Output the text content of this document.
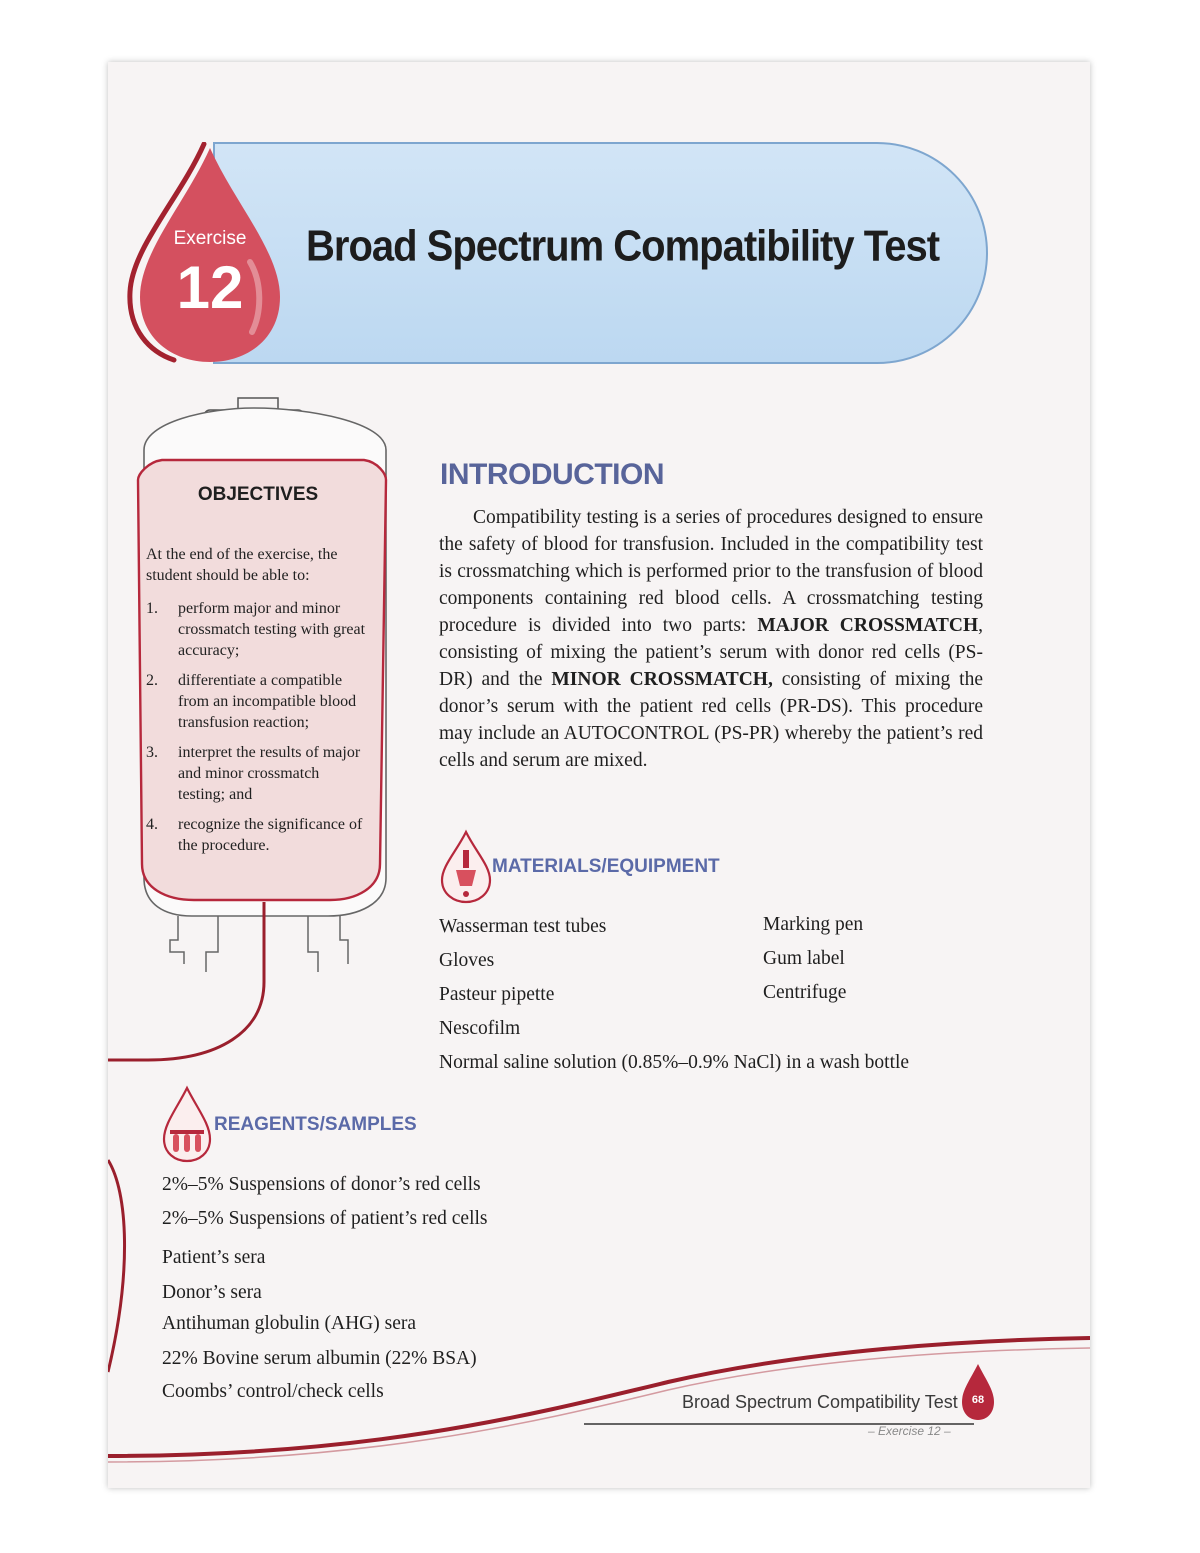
Exercise
12
Broad Spectrum Compatibility Test
OBJECTIVES
At the end of the exercise, the student should be able to:
1. perform major and minor crossmatch testing with great accuracy;
2. differentiate a compatible from an incompatible blood transfusion reaction;
3. interpret the results of major and minor crossmatch testing; and
4. recognize the significance of the procedure.
INTRODUCTION

Compatibility testing is a series of procedures designed to ensure the safety of blood for transfusion. Included in the compatibility test is crossmatching which is performed prior to the transfusion of blood components containing red blood cells. A crossmatching testing procedure is divided into two parts: MAJOR CROSSMATCH, consisting of mixing the patient’s serum with donor red cells (PS-DR) and the MINOR CROSSMATCH, consisting of mixing the donor’s serum with the patient red cells (PR-DS). This procedure may include an AUTOCONTROL (PS-PR) whereby the patient’s red cells and serum are mixed.

MATERIALS/EQUIPMENT
Wasserman test tubes
Gloves
Pasteur pipette
Nescofilm
Marking pen
Gum label
Centrifuge
Normal saline solution (0.85%–0.9% NaCl) in a wash bottle
REAGENTS/SAMPLES
2%–5% Suspensions of donor’s red cells
2%–5% Suspensions of patient’s red cells
Patient’s sera
Donor’s sera
Antihuman globulin (AHG) sera
22% Bovine serum albumin (22% BSA)
Coombs’ control/check cells	68
Broad Spectrum Compatibility Test
– Exercise 12 –
